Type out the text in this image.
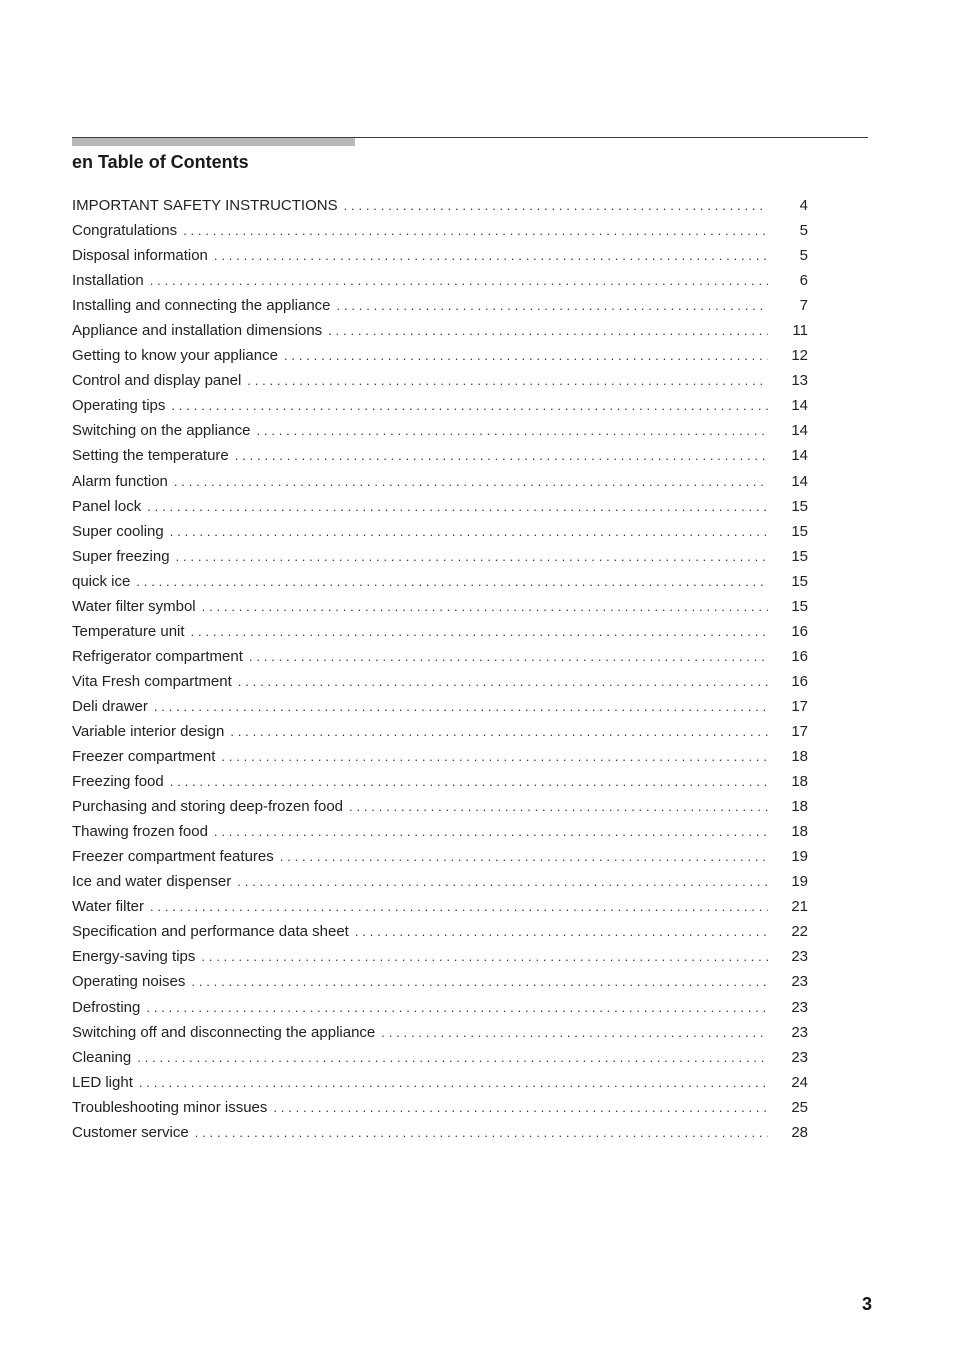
en Table of Contents
IMPORTANT SAFETY INSTRUCTIONS . . .	4
Congratulations . . .	5
Disposal information . . .	5
Installation . . .	6
Installing and connecting the appliance . . .	7
Appliance and installation dimensions . . .	11
Getting to know your appliance . . .	12
Control and display panel . . .	13
Operating tips . . .	14
Switching on the appliance . . .	14
Setting the temperature . . .	14
Alarm function . . .	14
Panel lock . . .	15
Super cooling . . .	15
Super freezing . . .	15
quick ice . . .	15
Water filter symbol . . .	15
Temperature unit . . .	16
Refrigerator compartment . . .	16
Vita Fresh compartment . . .	16
Deli drawer . . .	17
Variable interior design . . .	17
Freezer compartment . . .	18
Freezing food . . .	18
Purchasing and storing deep-frozen food . . .	18
Thawing frozen food . . .	18
Freezer compartment features . . .	19
Ice and water dispenser . . .	19
Water filter . . .	21
Specification and performance data sheet . . .	22
Energy-saving tips . . .	23
Operating noises . . .	23
Defrosting . . .	23
Switching off and disconnecting the appliance . . .	23
Cleaning . . .	23
LED light . . .	24
Troubleshooting minor issues . . .	25
Customer service . . .	28
3
